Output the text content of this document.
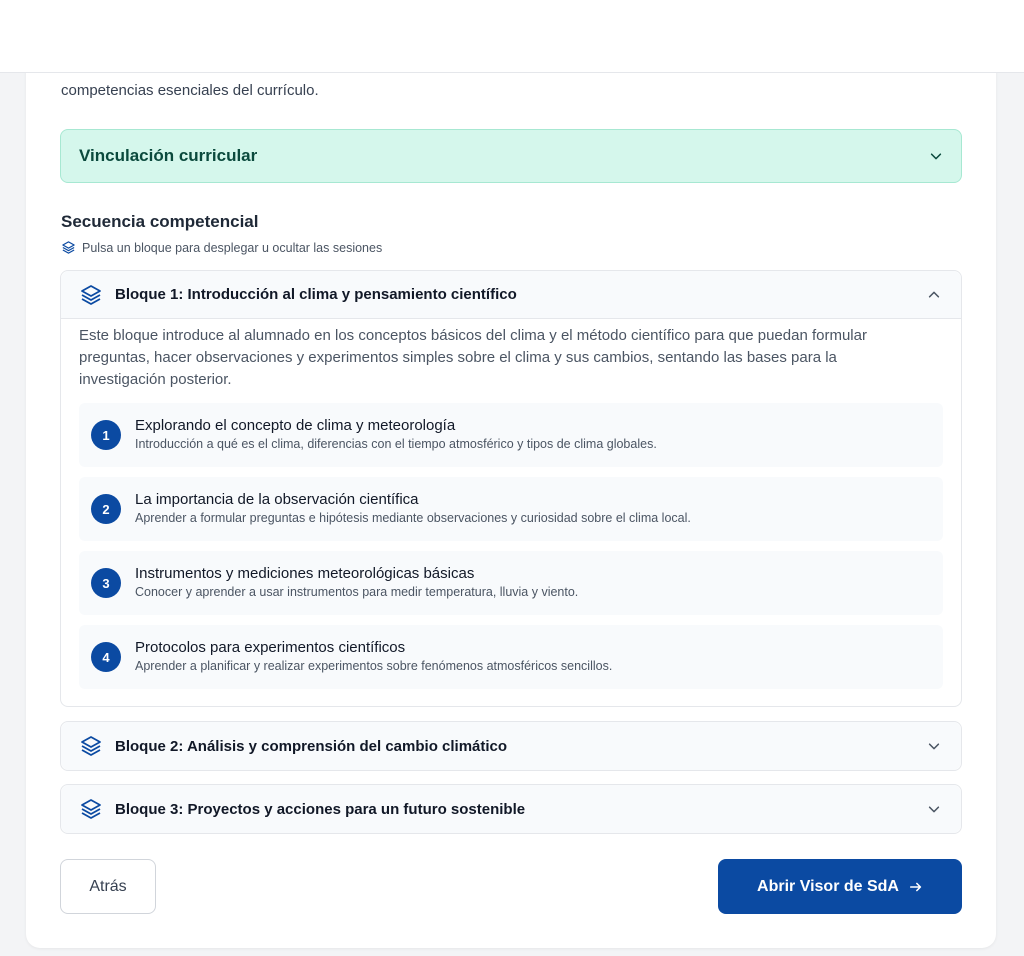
competencias esenciales del currículo.

Vinculación curricular
Secuencia competencial
Pulsa un bloque para desplegar u ocultar las sesiones
Bloque 1: Introducción al clima y pensamiento científico

Este bloque introduce al alumnado en los conceptos básicos del clima y el método científico para que puedan formular preguntas, hacer observaciones y experimentos simples sobre el clima y sus cambios, sentando las bases para la investigación posterior.

1
Explorando el concepto de clima y meteorología
Introducción a qué es el clima, diferencias con el tiempo atmosférico y tipos de clima globales.
2
La importancia de la observación científica
Aprender a formular preguntas e hipótesis mediante observaciones y curiosidad sobre el clima local.
3
Instrumentos y mediciones meteorológicas básicas
Conocer y aprender a usar instrumentos para medir temperatura, lluvia y viento.
4
Protocolos para experimentos científicos
Aprender a planificar y realizar experimentos sobre fenómenos atmosféricos sencillos.
Bloque 2: Análisis y comprensión del cambio climático
Bloque 3: Proyectos y acciones para un futuro sostenible
Atrás	Abrir Visor de SdA
